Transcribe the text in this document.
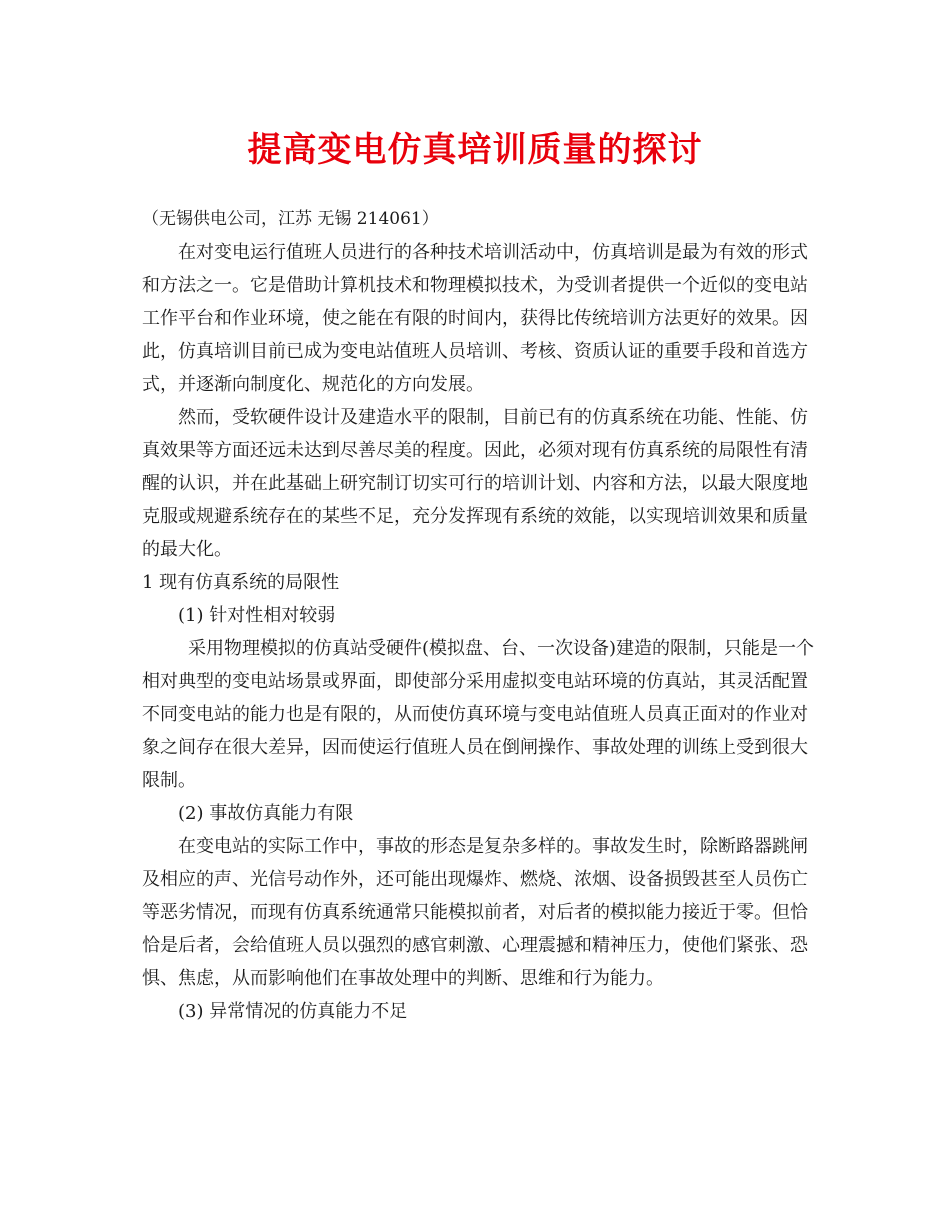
提高变电仿真培训质量的探讨

（无锡供电公司，江苏 无锡 214061）

在对变电运行值班人员进行的各种技术培训活动中，仿真培训是最为有效的形式和方法之一。它是借助计算机技术和物理模拟技术，为受训者提供一个近似的变电站工作平台和作业环境，使之能在有限的时间内，获得比传统培训方法更好的效果。因此，仿真培训目前已成为变电站值班人员培训、考核、资质认证的重要手段和首选方式，并逐渐向制度化、规范化的方向发展。

然而，受软硬件设计及建造水平的限制，目前已有的仿真系统在功能、性能、仿真效果等方面还远未达到尽善尽美的程度。因此，必须对现有仿真系统的局限性有清醒的认识，并在此基础上研究制订切实可行的培训计划、内容和方法，以最大限度地克服或规避系统存在的某些不足，充分发挥现有系统的效能，以实现培训效果和质量的最大化。

1 现有仿真系统的局限性

(1) 针对性相对较弱

采用物理模拟的仿真站受硬件(模拟盘、台、一次设备)建造的限制，只能是一个相对典型的变电站场景或界面，即使部分采用虚拟变电站环境的仿真站，其灵活配置不同变电站的能力也是有限的，从而使仿真环境与变电站值班人员真正面对的作业对象之间存在很大差异，因而使运行值班人员在倒闸操作、事故处理的训练上受到很大限制。

(2) 事故仿真能力有限

在变电站的实际工作中，事故的形态是复杂多样的。事故发生时，除断路器跳闸及相应的声、光信号动作外，还可能出现爆炸、燃烧、浓烟、设备损毁甚至人员伤亡等恶劣情况，而现有仿真系统通常只能模拟前者，对后者的模拟能力接近于零。但恰恰是后者，会给值班人员以强烈的感官刺激、心理震撼和精神压力，使他们紧张、恐惧、焦虑，从而影响他们在事故处理中的判断、思维和行为能力。

(3) 异常情况的仿真能力不足
